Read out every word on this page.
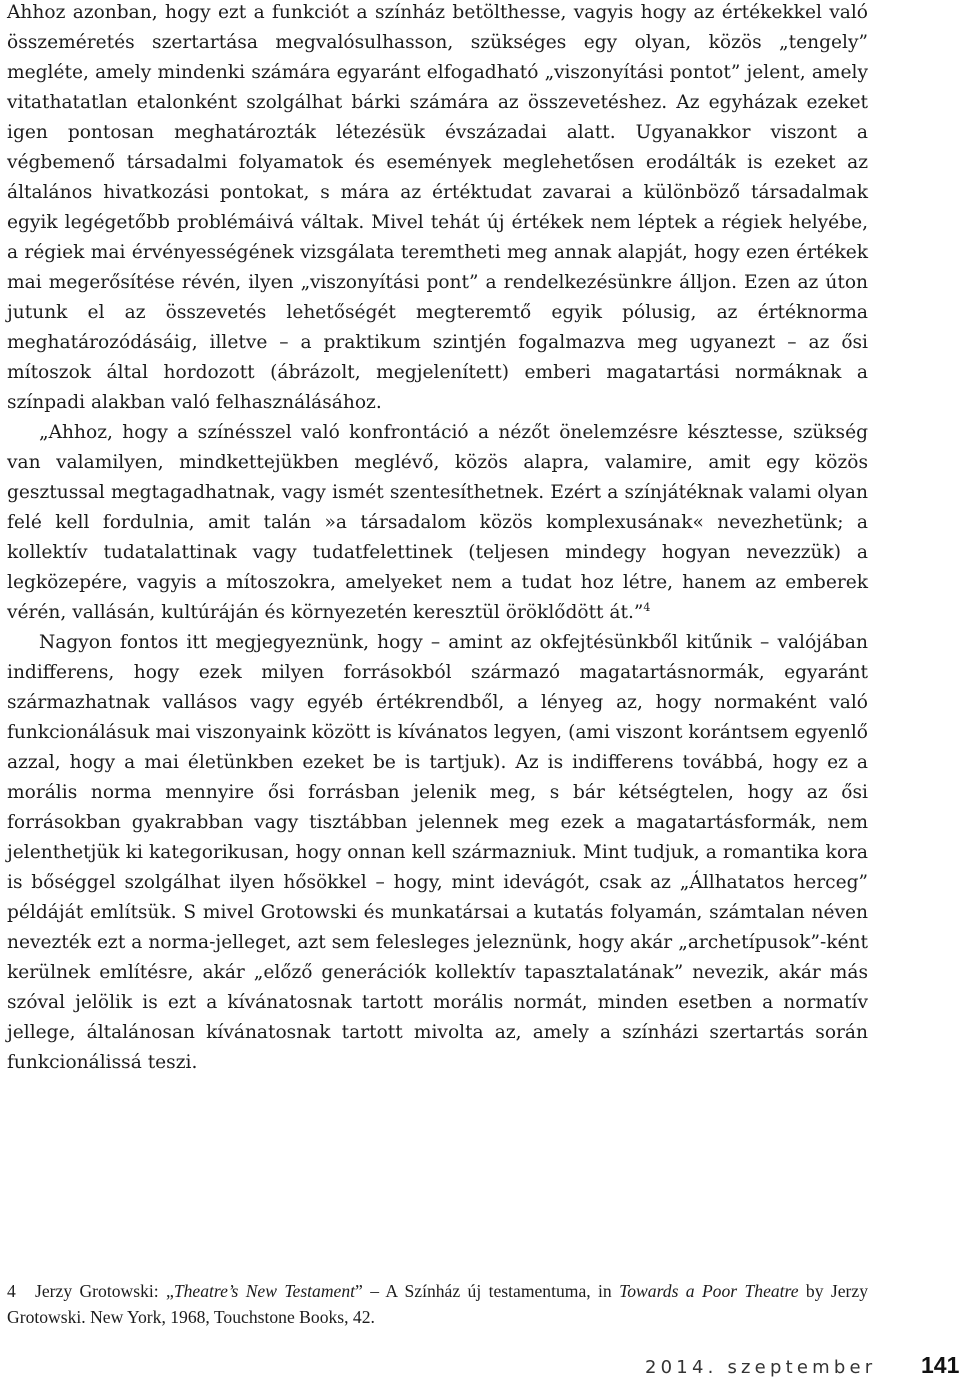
Ahhoz azonban, hogy ezt a funkciót a színház betölthesse, vagyis hogy az értékekkel való összeméretés szertartása megvalósulhasson, szükséges egy olyan, közös „tengely” megléte, amely mindenki számára egyaránt elfogadható „viszonyítási pontot” jelent, amely vitathatatlan etalonként szolgálhat bárki számára az összevetéshez. Az egyházak ezeket igen pontosan meghatározták létezésük évszázadai alatt. Ugyanakkor viszont a végbemenő társadalmi folyamatok és események meglehetősen erodálták is ezeket az általános hivatkozási pontokat, s mára az értéktudat zavarai a különböző társadalmak egyik legégetőbb problémáivá váltak. Mivel tehát új értékek nem léptek a régiek helyébe, a régiek mai érvényességének vizsgálata teremtheti meg annak alapját, hogy ezen értékek mai megerősítése révén, ilyen „viszonyítási pont” a rendelkezésünkre álljon. Ezen az úton jutunk el az összevetés lehetőségét megteremtő egyik pólusig, az értéknorma meghatározódásáig, illetve – a praktikum szintjén fogalmazva meg ugyanezt – az ősi mítoszok által hordozott (ábrázolt, megjelenített) emberi magatartási normáknak a színpadi alakban való felhasználásához.

„Ahhoz, hogy a színésszel való konfrontáció a nézőt önelemzésre késztesse, szükség van valamilyen, mindkettejükben meglévő, közös alapra, valamire, amit egy közös gesztussal megtagadhatnak, vagy ismét szentesíthetnek. Ezért a színjátéknak valami olyan felé kell fordulnia, amit talán »a társadalom közös komplexusának« nevezhetünk; a kollektív tudatalattinak vagy tudatfelettinek (teljesen mindegy hogyan nevezzük) a legközepére, vagyis a mítoszokra, amelyeket nem a tudat hoz létre, hanem az emberek vérén, vallásán, kultúráján és környezetén keresztül öröklődött át.”$^4$

Nagyon fontos itt megjegyeznünk, hogy – amint az okfejtésünkből kitűnik – valójában indifferens, hogy ezek milyen forrásokból származó magatartásnormák, egyaránt származhatnak vallásos vagy egyéb értékrendből, a lényeg az, hogy normaként való funkcionálásuk mai viszonyaink között is kívánatos legyen, (ami viszont korántsem egyenlő azzal, hogy a mai életünkben ezeket be is tartjuk). Az is indifferens továbbá, hogy ez a morális norma mennyire ősi forrásban jelenik meg, s bár kétségtelen, hogy az ősi forrásokban gyakrabban vagy tisztábban jelennek meg ezek a magatartásformák, nem jelenthetjük ki kategorikusan, hogy onnan kell származniuk. Mint tudjuk, a romantika kora is bőséggel szolgálhat ilyen hősökkel – hogy, mint idevágót, csak az „Állhatatos herceg” példáját említsük. S mivel Grotowski és munkatársai a kutatás folyamán, számtalan néven nevezték ezt a norma-jelleget, azt sem felesleges jeleznünk, hogy akár „archetípusok”-ként kerülnek említésre, akár „előző generációk kollektív tapasztalatának” nevezik, akár más szóval jelölik is ezt a kívánatosnak tartott morális normát, minden esetben a normatív jellege, általánosan kívánatosnak tartott mivolta az, amely a színházi szertartás során funkcionálissá teszi.

4 Jerzy Grotowski: „Theatre’s New Testament” – A Színház új testamentuma, in Towards a Poor Theatre by Jerzy Grotowski. New York, 1968, Touchstone Books, 42.
2014. szeptember 141
